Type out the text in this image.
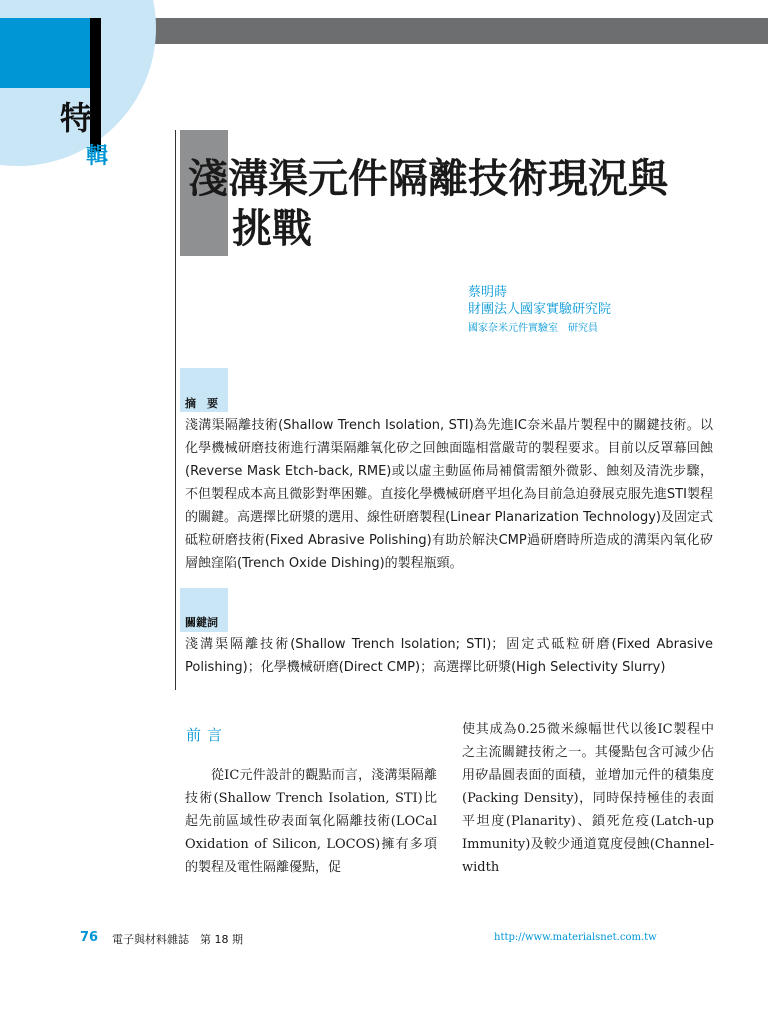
特
輯 淺溝渠元件隔離技術現況與
挑戰
蔡明蒔
財團法人國家實驗研究院
國家奈米元件實驗室　研究員
摘　要
淺溝渠隔離技術(Shallow Trench Isolation, STI)為先進IC奈米晶片製程中的關鍵技術。以化學機械研磨技術進行溝渠隔離氧化矽之回蝕面臨相當嚴苛的製程要求。目前以反罩幕回蝕(Reverse Mask Etch-back, RME)或以虛主動區佈局補償需額外微影、蝕刻及清洗步驟，不但製程成本高且微影對準困難。直接化學機械研磨平坦化為目前急迫發展克服先進STI製程的關鍵。高選擇比研漿的選用、線性研磨製程(Linear Planarization Technology)及固定式砥粒研磨技術(Fixed Abrasive Polishing)有助於解決CMP過研磨時所造成的溝渠內氧化矽層蝕窪陷(Trench Oxide Dishing)的製程瓶頸。
關鍵詞
淺溝渠隔離技術(Shallow Trench Isolation; STI)；固定式砥粒研磨(Fixed Abrasive Polishing)；化學機械研磨(Direct CMP)；高選擇比研漿(High Selectivity Slurry)
前言
從IC元件設計的觀點而言，淺溝渠隔離技術(Shallow Trench Isolation, STI)比起先前區域性矽表面氧化隔離技術(LOCal Oxidation of Silicon, LOCOS)擁有多項的製程及電性隔離優點，促
使其成為0.25微米線幅世代以後IC製程中之主流關鍵技術之一。其優點包含可減少佔用矽晶圓表面的面積，並增加元件的積集度(Packing Density)，同時保持極佳的表面平坦度(Planarity)、鎖死危疫(Latch-up Immunity)及較少通道寬度侵蝕(Channel-width
76 電子與材料雜誌　第 18 期	http://www.materialsnet.com.tw
